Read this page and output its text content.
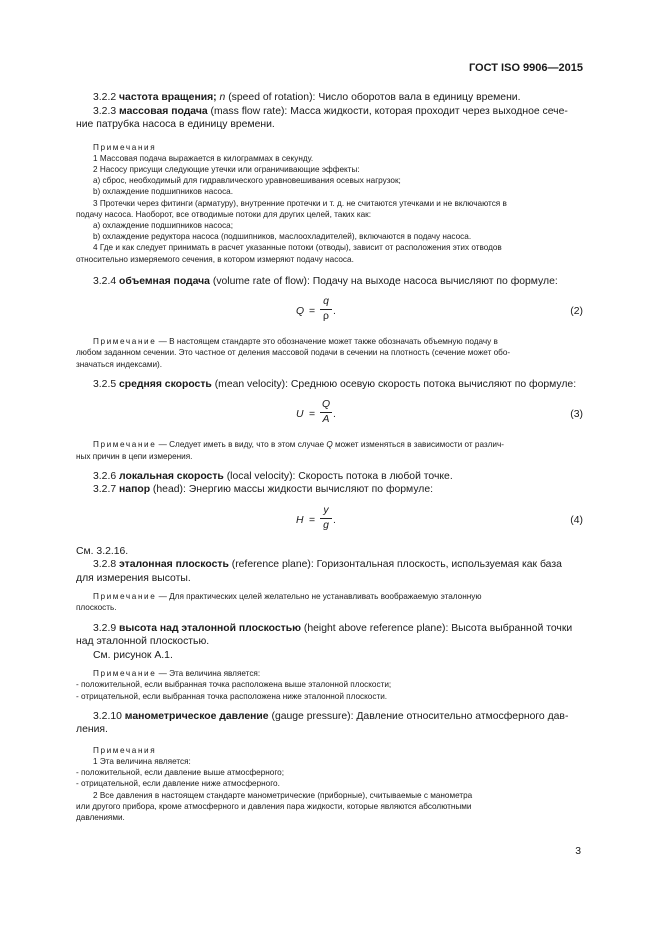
ГОСТ ISO 9906—2015

3.2.2 частота вращения; n (speed of rotation): Число оборотов вала в единицу времени.

3.2.3 массовая подача (mass flow rate): Масса жидкости, которая проходит через выходное сече-

ние патрубка насоса в единицу времени.

Примечания

1 Массовая подача выражается в килограммах в секунду.

2 Насосу присущи следующие утечки или ограничивающие эффекты:

a) сброс, необходимый для гидравлического уравновешивания осевых нагрузок;

b) охлаждение подшипников насоса.

3 Протечки через фитинги (арматуру), внутренние протечки и т. д. не считаются утечками и не включаются в

подачу насоса. Наоборот, все отводимые потоки для других целей, таких как:

a) охлаждение подшипников насоса;

b) охлаждение редуктора насоса (подшипников, маслоохладителей), включаются в подачу насоса.

4 Где и как следует принимать в расчет указанные потоки (отводы), зависит от расположения этих отводов

относительно измеряемого сечения, в котором измеряют подачу насоса.

3.2.4 объемная подача (volume rate of flow): Подачу на выходе насоса вычисляют по формуле:

Q =
q
ρ .	(2)

Примечание — В настоящем стандарте это обозначение может также обозначать объемную подачу в

любом заданном сечении. Это частное от деления массовой подачи в сечении на плотность (сечение может обо-

значаться индексами).

3.2.5 средняя скорость (mean velocity): Среднюю осевую скорость потока вычисляют по формуле:

U =
Q
A .	(3)

Примечание — Следует иметь в виду, что в этом случае Q может изменяться в зависимости от различ-

ных причин в цепи измерения.

3.2.6 локальная скорость (local velocity): Скорость потока в любой точке.

3.2.7 напор (head): Энергию массы жидкости вычисляют по формуле:

H =
y
g .	(4)

См. 3.2.16.

3.2.8 эталонная плоскость (reference plane): Горизонтальная плоскость, используемая как база

для измерения высоты.

Примечание — Для практических целей желательно не устанавливать воображаемую эталонную

плоскость.

3.2.9 высота над эталонной плоскостью (height above reference plane): Высота выбранной точки

над эталонной плоскостью.

См. рисунок А.1.

Примечание — Эта величина является:

- положительной, если выбранная точка расположена выше эталонной плоскости;

- отрицательной, если выбранная точка расположена ниже эталонной плоскости.

3.2.10 манометрическое давление (gauge pressure): Давление относительно атмосферного дав-

ления.

Примечания

1 Эта величина является:

- положительной, если давление выше атмосферного;

- отрицательной, если давление ниже атмосферного.

2 Все давления в настоящем стандарте манометрические (приборные), считываемые с манометра

или другого прибора, кроме атмосферного и давления пара жидкости, которые являются абсолютными

давлениями.

3
